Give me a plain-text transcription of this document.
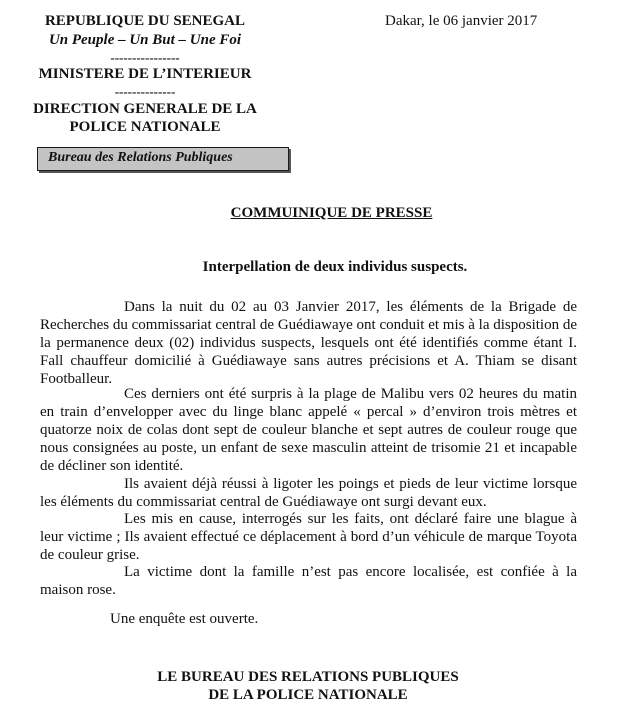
REPUBLIQUE DU SENEGAL
Un Peuple – Un But – Une Foi
----------------
MINISTERE DE L’INTERIEUR
--------------
DIRECTION GENERALE DE LA
POLICE NATIONALE
Bureau des Relations Publiques
Dakar, le 06 janvier 2017
COMMUINIQUE DE PRESSE
Interpellation de deux individus suspects.

Dans la nuit du 02 au 03 Janvier 2017, les éléments de la Brigade de Recherches du commissariat central de Guédiawaye ont conduit et mis à la disposition de la permanence deux (02) individus suspects, lesquels ont été identifiés comme étant I. Fall chauffeur domicilié à Guédiawaye sans autres précisions et A. Thiam se disant Footballeur.

Ces derniers ont été surpris à la plage de Malibu vers 02 heures du matin en train d’envelopper avec du linge blanc appelé « percal » d’environ trois mètres et quatorze noix de colas dont sept de couleur blanche et sept autres de couleur rouge que nous consignées au poste, un enfant de sexe masculin atteint de trisomie 21 et incapable de décliner son identité.

Ils avaient déjà réussi à ligoter les poings et pieds de leur victime lorsque les éléments du commissariat central de Guédiawaye ont surgi devant eux.

Les mis en cause, interrogés sur les faits, ont déclaré faire une blague à leur victime ; Ils avaient effectué ce déplacement à bord d’un véhicule de marque Toyota de couleur grise.

La victime dont la famille n’est pas encore localisée, est confiée à la maison rose.

Une enquête est ouverte.
LE BUREAU DES RELATIONS PUBLIQUES
DE LA POLICE NATIONALE
